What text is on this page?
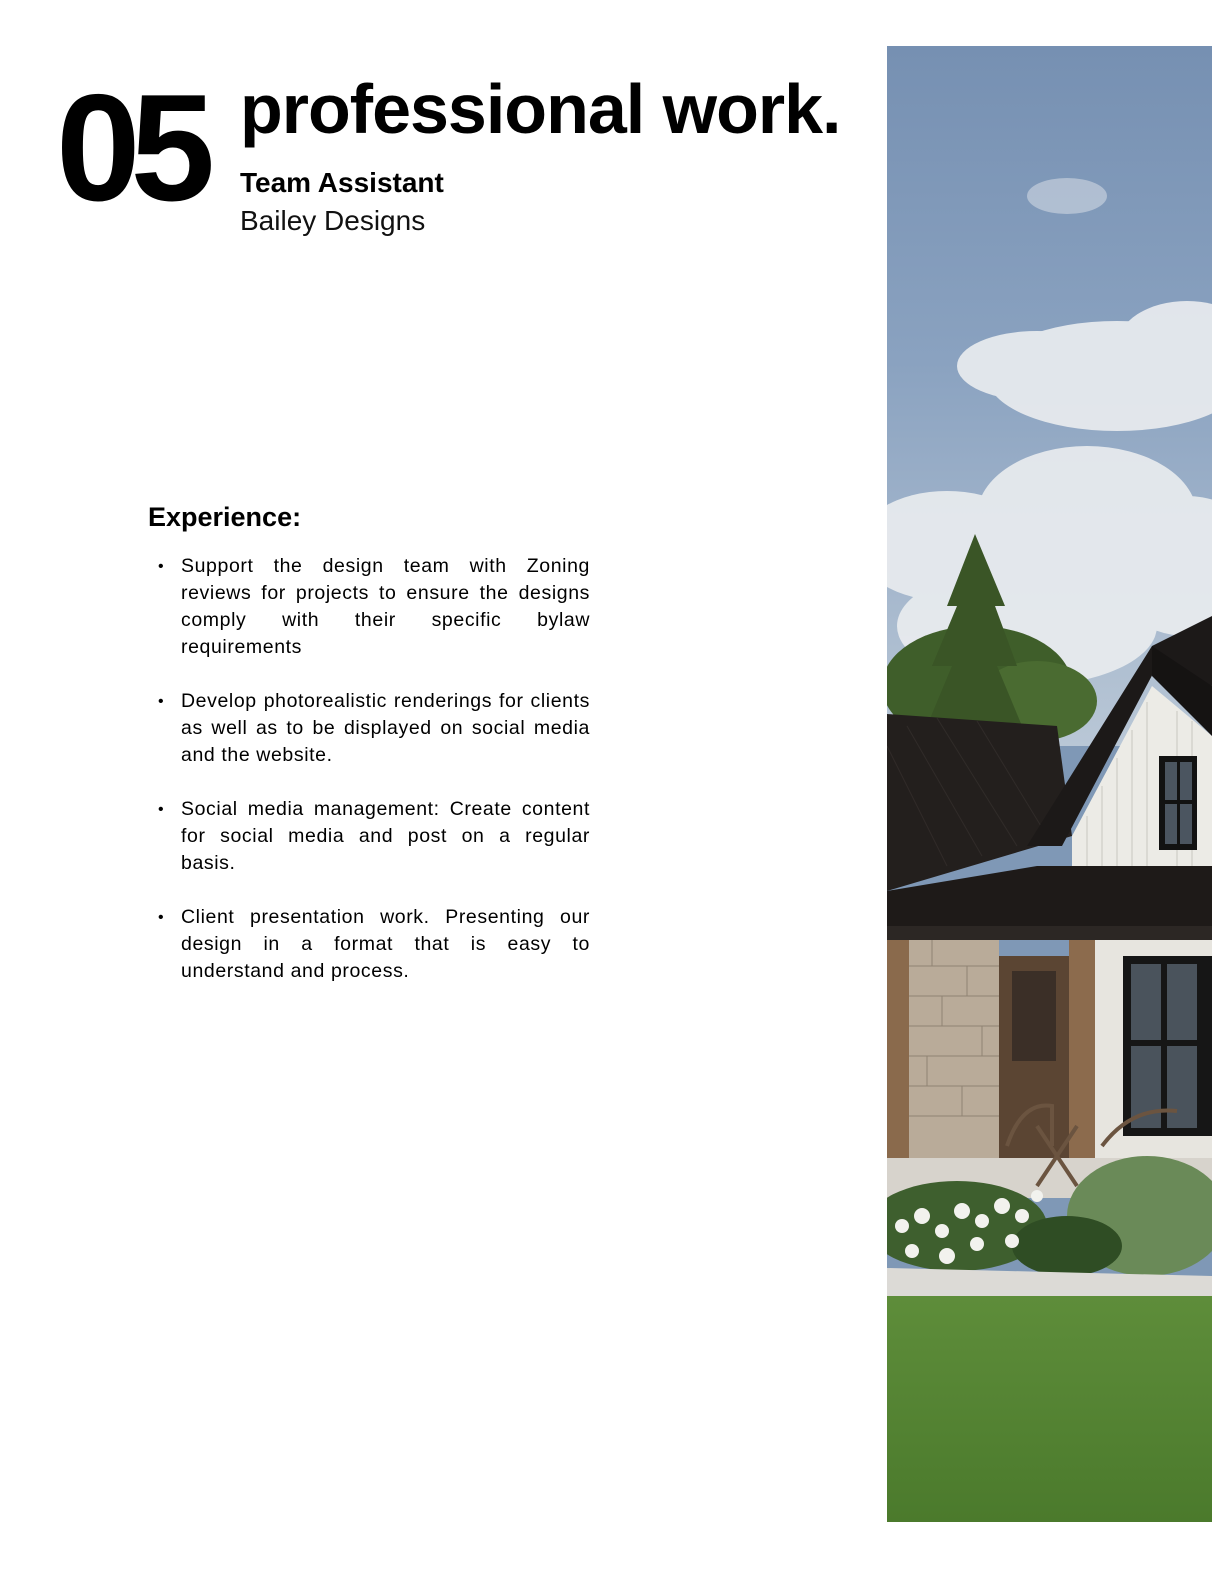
05 professional work.
Team Assistant
Bailey Designs
Experience:
• Support the design team with Zoning reviews for projects to ensure the designs comply with their specific bylaw requirements
• Develop photorealistic renderings for clients as well as to be displayed on social media and the website.
• Social media management: Create content for social media and post on a regular basis.
• Client presentation work. Presenting our design in a format that is easy to understand and process.
